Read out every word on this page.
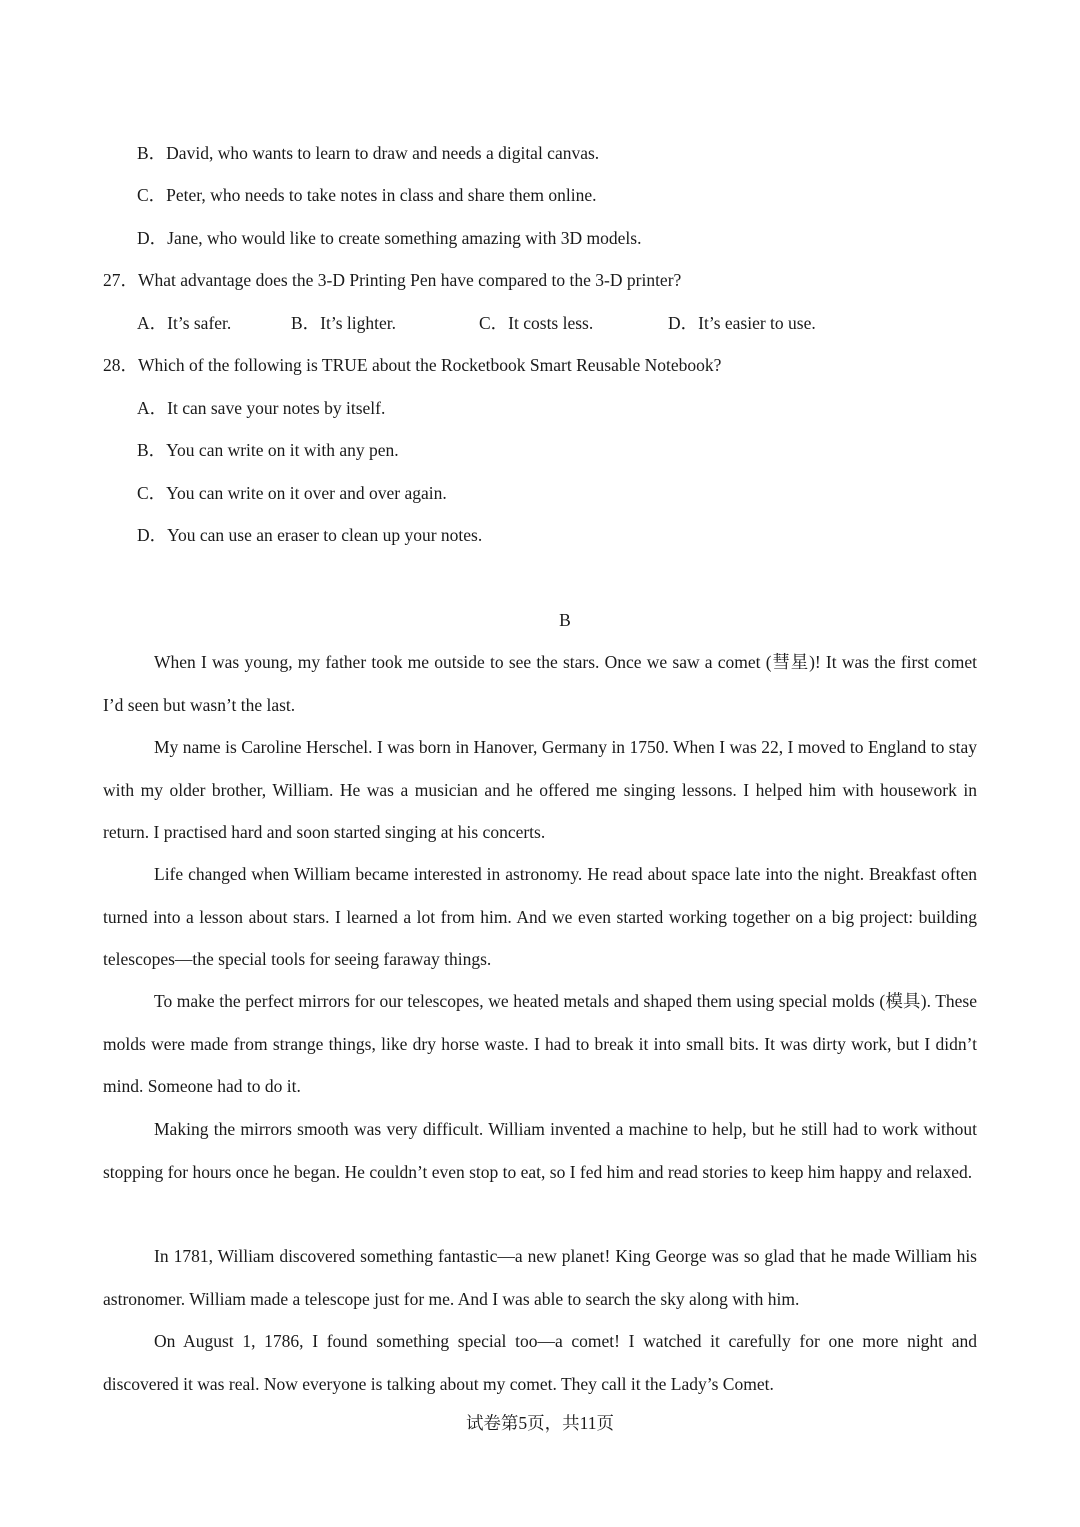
B．David, who wants to learn to draw and needs a digital canvas.
C．Peter, who needs to take notes in class and share them online.
D．Jane, who would like to create something amazing with 3D models.
27．What advantage does the 3-D Printing Pen have compared to the 3-D printer?
A．It’s safer.	B．It’s lighter.	C．It costs less.	D．It’s easier to use.
28．Which of the following is TRUE about the Rocketbook Smart Reusable Notebook?
A．It can save your notes by itself.
B．You can write on it with any pen.
C．You can write on it over and over again.
D．You can use an eraser to clean up your notes.
B

When I was young, my father took me outside to see the stars. Once we saw a comet (彗星)! It was the first comet I’d seen but wasn’t the last.

My name is Caroline Herschel. I was born in Hanover, Germany in 1750. When I was 22, I moved to England to stay with my older brother, William. He was a musician and he offered me singing lessons. I helped him with housework in return. I practised hard and soon started singing at his concerts.

Life changed when William became interested in astronomy. He read about space late into the night. Breakfast often turned into a lesson about stars. I learned a lot from him. And we even started working together on a big project: building telescopes—the special tools for seeing faraway things.

To make the perfect mirrors for our telescopes, we heated metals and shaped them using special molds (模具). These molds were made from strange things, like dry horse waste. I had to break it into small bits. It was dirty work, but I didn’t mind. Someone had to do it.

Making the mirrors smooth was very difficult. William invented a machine to help, but he still had to work without stopping for hours once he began. He couldn’t even stop to eat, so I fed him and read stories to keep him happy and relaxed.

In 1781, William discovered something fantastic—a new planet! King George was so glad that he made William his astronomer. William made a telescope just for me. And I was able to search the sky along with him.

On August 1, 1786, I found something special too—a comet! I watched it carefully for one more night and discovered it was real. Now everyone is talking about my comet. They call it the Lady’s Comet.

试卷第5页，共11页
